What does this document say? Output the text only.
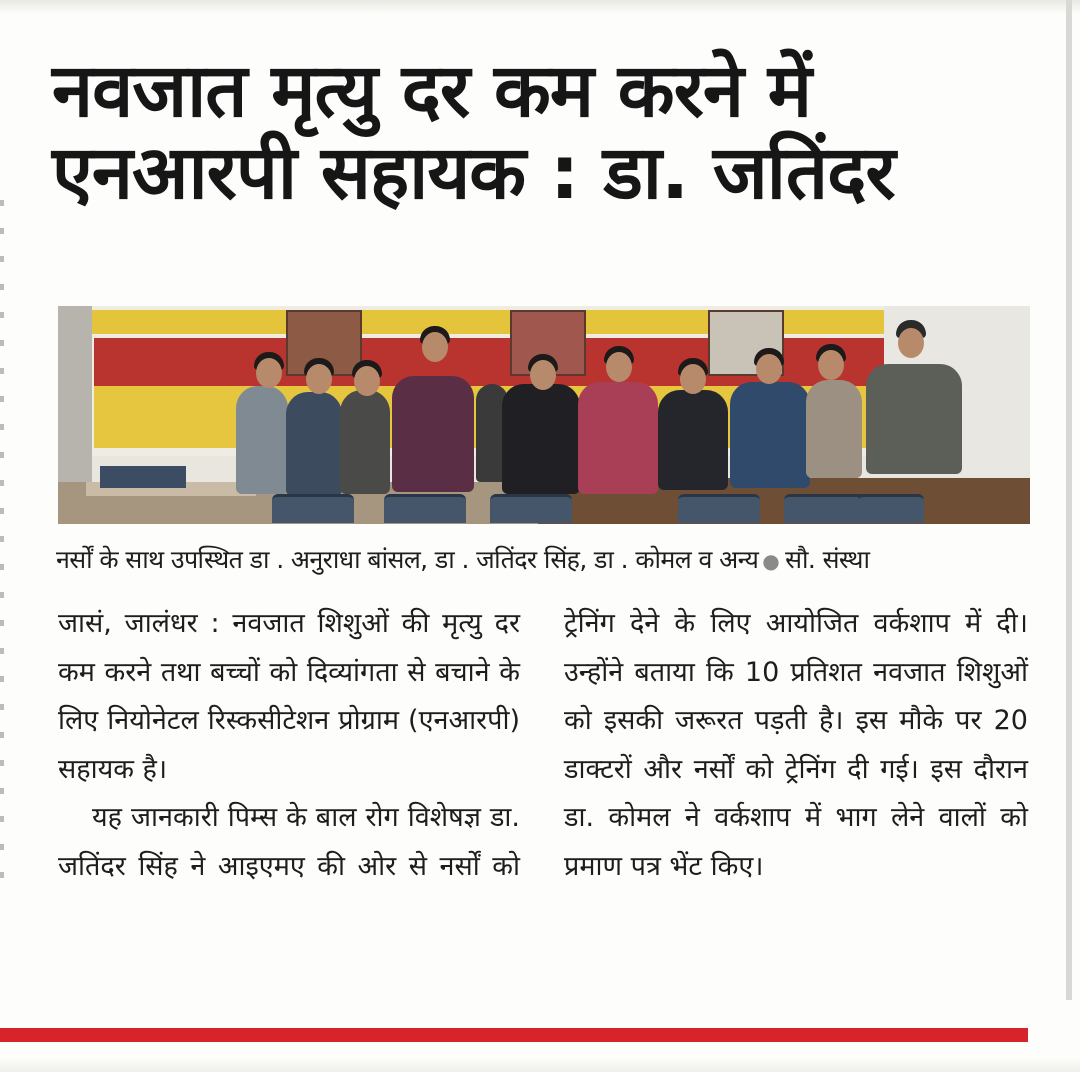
नवजात मृत्यु दर कम करने में
एनआरपी सहायक : डा. जतिंदर

नर्सों के साथ उपस्थित डा . अनुराधा बांसल, डा . जतिंदर सिंह, डा . कोमल व अन्य ● सौ. संस्था

जासं, जालंधर : नवजात शिशुओं की मृत्यु दर कम करने तथा बच्चों को दिव्यांगता से बचाने के लिए नियोनेटल रिस्कसीटेशन प्रोग्राम (एनआरपी) सहायक है।

यह जानकारी पिम्स के बाल रोग विशेषज्ञ डा. जतिंदर सिंह ने आइएमए की ओर से नर्सों को

ट्रेनिंग देने के लिए आयोजित वर्कशाप में दी। उन्होंने बताया कि 10 प्रतिशत नवजात शिशुओं को इसकी जरूरत पड़ती है। इस मौके पर 20 डाक्टरों और नर्सों को ट्रेनिंग दी गई। इस दौरान डा. कोमल ने वर्कशाप में भाग लेने वालों को प्रमाण पत्र भेंट किए।
